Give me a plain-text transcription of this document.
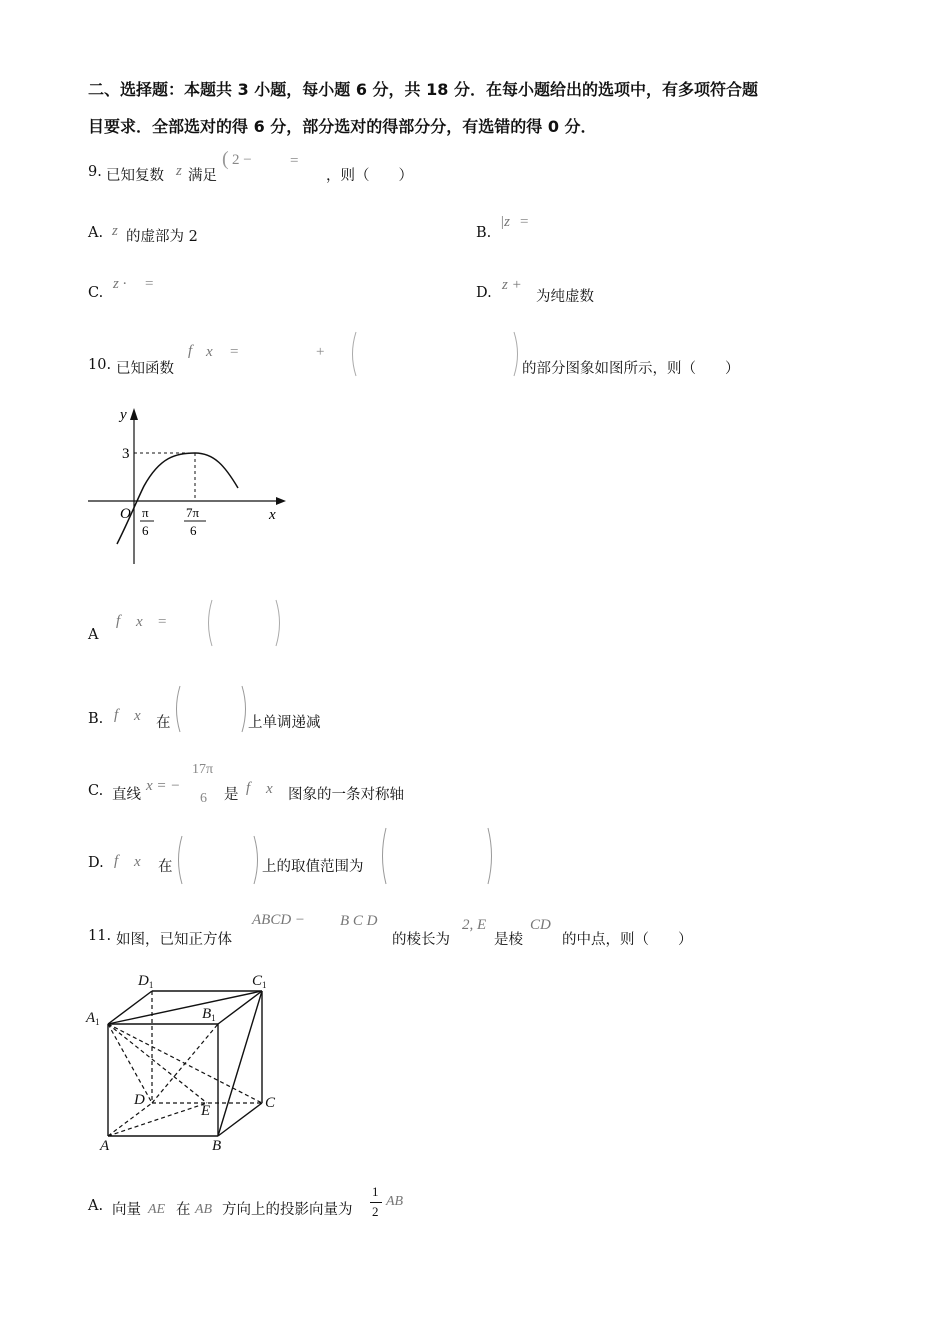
二、选择题：本题共 3 小题，每小题 6 分，共 18 分．在每小题给出的选项中，有多项符合题
目要求．全部选对的得 6 分，部分选对的得部分分，有选错的得 0 分．
9. 已知复数 z 满足
( 2 −	=
，则（　　）
A. z 的虚部为 2	B.
|z =
C.
z · =
D. z +
为纯虚数
10. 已知函数
f x =	+
的部分图象如图所示，则（　　）
y
x
O
3
π
6
7π
6
A
f x =
B. f x 在	上单调递减
C. 直线
x = −
17π
6 是 f x 图象的一条对称轴
D. f x 在	上的取值范围为
11. 如图，已知正方体
ABCD − B C D
的棱长为
2, E
是棱
CD
的中点，则（　　）
$D_1$	$C_1$
$A_1$	$B_1$
D	C
E
A	B
A. 向量 AE 在 AB 方向上的投影向量为
1
2
AB
